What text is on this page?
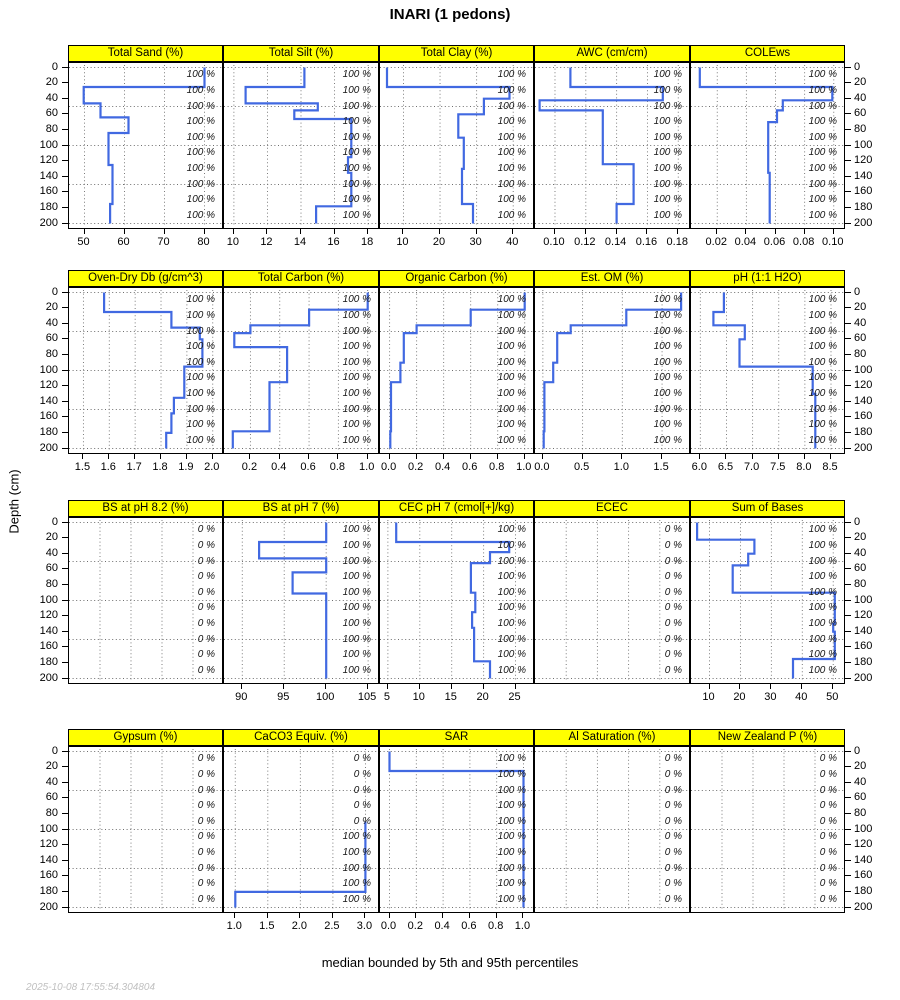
INARI (1 pedons)
Depth (cm)
Total Sand (%)
100 %
100 %
100 %
100 %
100 %
100 %
100 %
100 %
100 %
100 %
50	60	70	80
Total Silt (%)
100 %
100 %
100 %
100 %
100 %
100 %
100 %
100 %
100 %
100 %
10	12	14	16	18
Total Clay (%)
100 %
100 %
100 %
100 %
100 %
100 %
100 %
100 %
100 %
100 %
10	20	30	40
AWC (cm/cm)
100 %
100 %
100 %
100 %
100 %
100 %
100 %
100 %
100 %
100 %
0.10 0.12 0.14 0.16 0.18
COLEws
100 %
100 %
100 %
100 %
100 %
100 %
100 %
100 %
100 %
100 %
0.02 0.04 0.06 0.08 0.10
0	0
20	20
40	40
60	60
80	80
100	100
120	120
140	140
160	160
180	180
200	200
Oven-Dry Db (g/cm^3)
100 %
100 %
100 %
100 %
100 %
100 %
100 %
100 %
100 %
100 %
1.5 1.6 1.7 1.8 1.9 2.0
Total Carbon (%)
100 %
100 %
100 %
100 %
100 %
100 %
100 %
100 %
100 %
100 %
0.2	0.4	0.6	0.8	1.0
Organic Carbon (%)
100 %
100 %
100 %
100 %
100 %
100 %
100 %
100 %
100 %
100 %
0.0	0.2	0.4	0.6	0.8	1.0
Est. OM (%)
100 %
100 %
100 %
100 %
100 %
100 %
100 %
100 %
100 %
100 %
0.0	0.5	1.0	1.5
pH (1:1 H2O)
100 %
100 %
100 %
100 %
100 %
100 %
100 %
100 %
100 %
100 %
6.0 6.5 7.0 7.5 8.0 8.5
0	0
20	20
40	40
60	60
80	80
100	100
120	120
140	140
160	160
180	180
200	200
BS at pH 8.2 (%)
0 %
0 %
0 %
0 %
0 %
0 %
0 %
0 %
0 %
0 %
BS at pH 7 (%)
100 %
100 %
100 %
100 %
100 %
100 %
100 %
100 %
100 %
100 %
90	95	100	105
CEC pH 7 (cmol[+]/kg)
100 %
100 %
100 %
100 %
100 %
100 %
100 %
100 %
100 %
100 %
5	10	15	20	25
ECEC
0 %
0 %
0 %
0 %
0 %
0 %
0 %
0 %
0 %
0 %
Sum of Bases
100 %
100 %
100 %
100 %
100 %
100 %
100 %
100 %
100 %
100 %
10	20	30	40	50
0	0
20	20
40	40
60	60
80	80
100	100
120	120
140	140
160	160
180	180
200	200
Gypsum (%)
0 %
0 %
0 %
0 %
0 %
0 %
0 %
0 %
0 %
0 %
CaCO3 Equiv. (%)
0 %
0 %
0 %
0 %
0 %
100 %
100 %
100 %
100 %
100 %
1.0	1.5	2.0	2.5	3.0
SAR
100 %
100 %
100 %
100 %
100 %
100 %
100 %
100 %
100 %
100 %
0.0	0.2	0.4	0.6	0.8	1.0
Al Saturation (%)
0 %
0 %
0 %
0 %
0 %
0 %
0 %
0 %
0 %
0 %
New Zealand P (%)
0 %
0 %
0 %
0 %
0 %
0 %
0 %
0 %
0 %
0 %
0	0
20	20
40	40
60	60
80	80
100	100
120	120
140	140
160	160
180	180
200	200
median bounded by 5th and 95th percentiles
2025-10-08 17:55:54.304804
